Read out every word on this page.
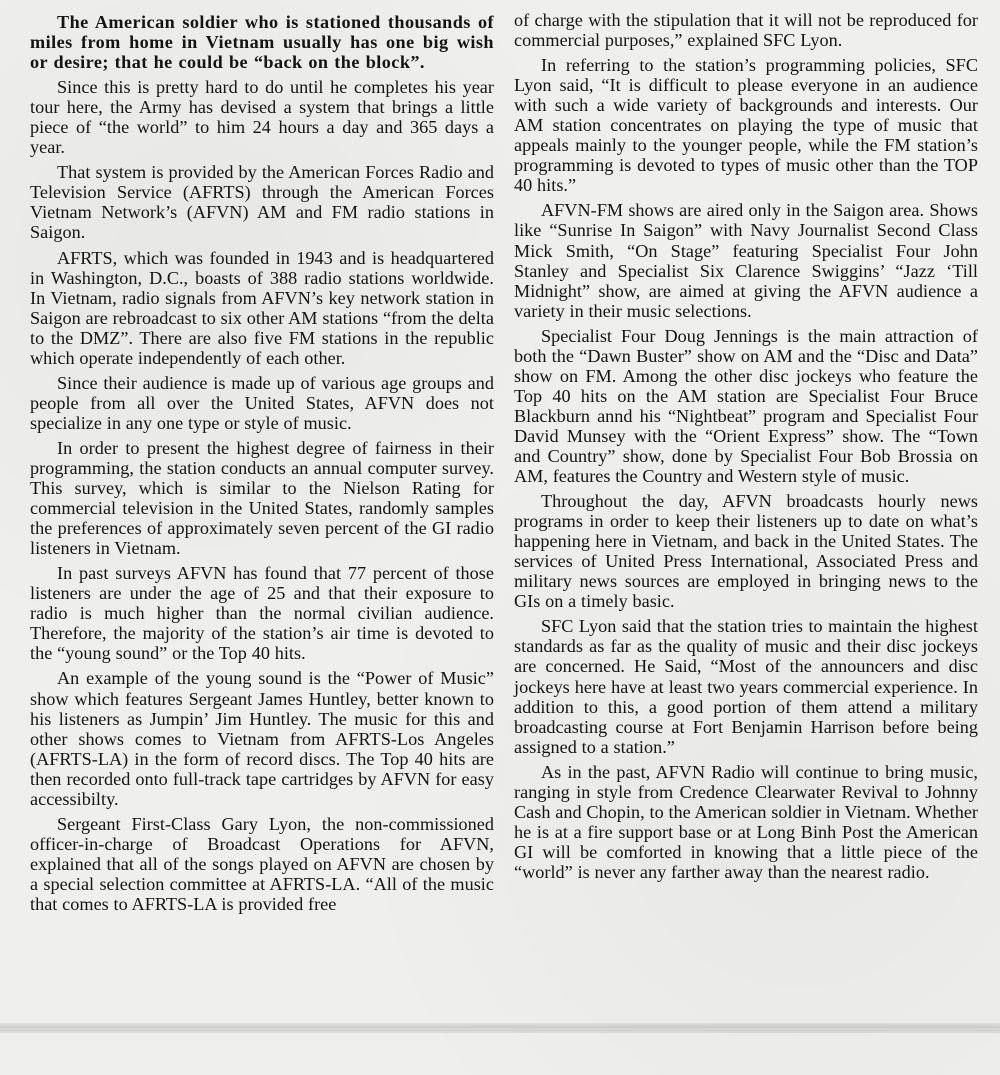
The American soldier who is stationed thousands of miles from home in Vietnam usually has one big wish or desire; that he could be “back on the block”.

Since this is pretty hard to do until he completes his year tour here, the Army has devised a system that brings a little piece of “the world” to him 24 hours a day and 365 days a year.

That system is provided by the American Forces Radio and Television Service (AFRTS) through the American Forces Vietnam Network’s (AFVN) AM and FM radio stations in Saigon.

AFRTS, which was founded in 1943 and is headquartered in Washington, D.C., boasts of 388 radio stations worldwide. In Vietnam, radio signals from AFVN’s key network station in Saigon are rebroadcast to six other AM stations “from the delta to the DMZ”. There are also five FM stations in the republic which operate independently of each other.

Since their audience is made up of various age groups and people from all over the United States, AFVN does not specialize in any one type or style of music.

In order to present the highest degree of fairness in their programming, the station conducts an annual computer survey. This survey, which is similar to the Nielson Rating for commercial television in the United States, randomly samples the preferences of approximately seven percent of the GI radio listeners in Vietnam.

In past surveys AFVN has found that 77 percent of those listeners are under the age of 25 and that their exposure to radio is much higher than the normal civilian audience. Therefore, the majority of the station’s air time is devoted to the “young sound” or the Top 40 hits.

An example of the young sound is the “Power of Music” show which features Sergeant James Huntley, better known to his listeners as Jumpin’ Jim Huntley. The music for this and other shows comes to Vietnam from AFRTS-Los Angeles (AFRTS-LA) in the form of record discs. The Top 40 hits are then recorded onto full-track tape cartridges by AFVN for easy accessibilty.

Sergeant First-Class Gary Lyon, the non-commissioned officer-in-charge of Broadcast Operations for AFVN, explained that all of the songs played on AFVN are chosen by a special selection committee at AFRTS-LA. “All of the music that comes to AFRTS-LA is provided free

of charge with the stipulation that it will not be reproduced for commercial purposes,” explained SFC Lyon.

In referring to the station’s programming policies, SFC Lyon said, “It is difficult to please everyone in an audience with such a wide variety of backgrounds and interests. Our AM station concentrates on playing the type of music that appeals mainly to the younger people, while the FM station’s programming is devoted to types of music other than the TOP 40 hits.”

AFVN-FM shows are aired only in the Saigon area. Shows like “Sunrise In Saigon” with Navy Journalist Second Class Mick Smith, “On Stage” featuring Specialist Four John Stanley and Specialist Six Clarence Swiggins’ “Jazz ‘Till Midnight” show, are aimed at giving the AFVN audience a variety in their music selections.

Specialist Four Doug Jennings is the main attraction of both the “Dawn Buster” show on AM and the “Disc and Data” show on FM. Among the other disc jockeys who feature the Top 40 hits on the AM station are Specialist Four Bruce Blackburn annd his “Nightbeat” program and Specialist Four David Munsey with the “Orient Express” show. The “Town and Country” show, done by Specialist Four Bob Brossia on AM, features the Country and Western style of music.

Throughout the day, AFVN broadcasts hourly news programs in order to keep their listeners up to date on what’s happening here in Vietnam, and back in the United States. The services of United Press International, Associated Press and military news sources are employed in bringing news to the GIs on a timely basic.

SFC Lyon said that the station tries to maintain the highest standards as far as the quality of music and their disc jockeys are concerned. He Said, “Most of the announcers and disc jockeys here have at least two years commercial experience. In addition to this, a good portion of them attend a military broadcasting course at Fort Benjamin Harrison before being assigned to a station.”

As in the past, AFVN Radio will continue to bring music, ranging in style from Credence Clearwater Revival to Johnny Cash and Chopin, to the American soldier in Vietnam. Whether he is at a fire support base or at Long Binh Post the American GI will be comforted in knowing that a little piece of the “world” is never any farther away than the nearest radio.
